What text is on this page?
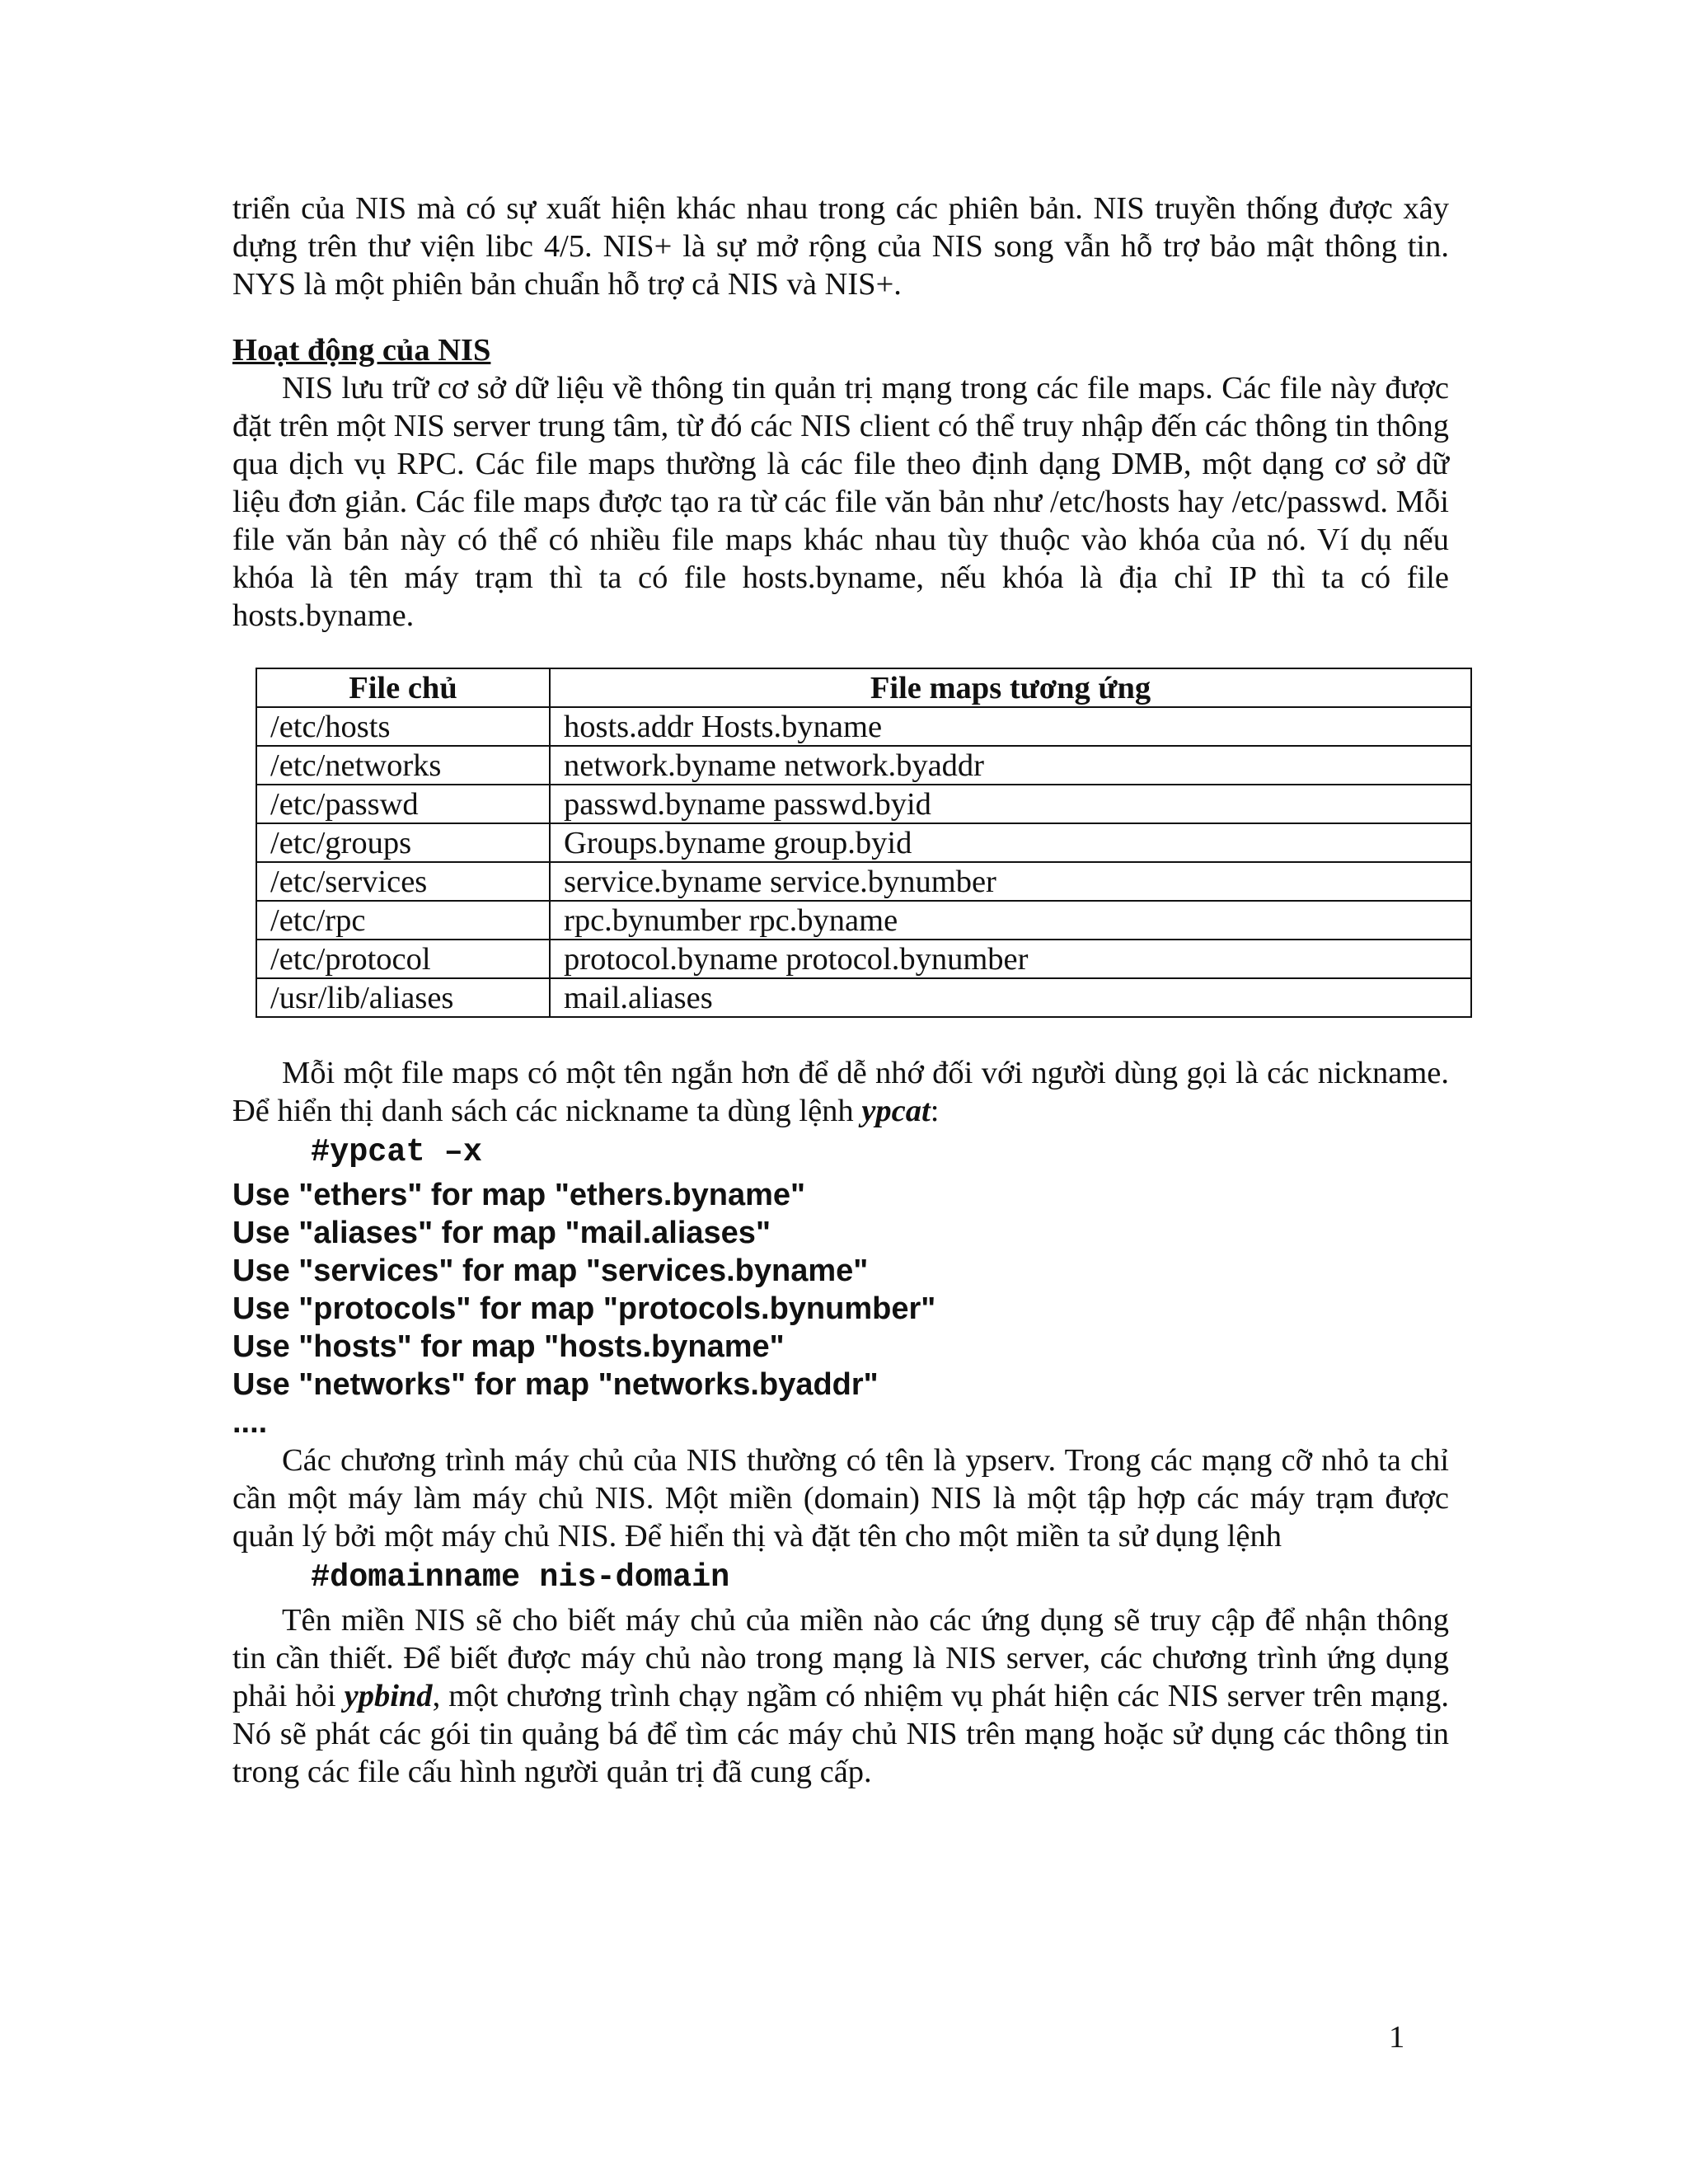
triển của NIS mà có sự xuất hiện khác nhau trong các phiên bản. NIS truyền thống được xây dựng trên thư viện libc 4/5. NIS+ là sự mở rộng của NIS song vẫn hỗ trợ bảo mật thông tin. NYS là một phiên bản chuẩn hỗ trợ cả NIS và NIS+.

Hoạt động của NIS

NIS lưu trữ cơ sở dữ liệu về thông tin quản trị mạng trong các file maps. Các file này được đặt trên một NIS server trung tâm, từ đó các NIS client có thể truy nhập đến các thông tin thông qua dịch vụ RPC. Các file maps thường là các file theo định dạng DMB, một dạng cơ sở dữ liệu đơn giản. Các file maps được tạo ra từ các file văn bản như /etc/hosts hay /etc/passwd. Mỗi file văn bản này có thể có nhiều file maps khác nhau tùy thuộc vào khóa của nó. Ví dụ nếu khóa là tên máy trạm thì ta có file hosts.byname, nếu khóa là địa chỉ IP thì ta có file hosts.byname.

File chủ	File maps tương ứng
/etc/hosts	hosts.addr Hosts.byname
/etc/networks	network.byname network.byaddr
/etc/passwd	passwd.byname passwd.byid
/etc/groups	Groups.byname group.byid
/etc/services	service.byname service.bynumber
/etc/rpc	rpc.bynumber rpc.byname
/etc/protocol	protocol.byname protocol.bynumber
/usr/lib/aliases	mail.aliases

Mỗi một file maps có một tên ngắn hơn để dễ nhớ đối với người dùng gọi là các nickname. Để hiển thị danh sách các nickname ta dùng lệnh ypcat:

#ypcat –x
Use "ethers" for map "ethers.byname"
Use "aliases" for map "mail.aliases"
Use "services" for map "services.byname"
Use "protocols" for map "protocols.bynumber"
Use "hosts" for map "hosts.byname"
Use "networks" for map "networks.byaddr"
....

Các chương trình máy chủ của NIS thường có tên là ypserv. Trong các mạng cỡ nhỏ ta chỉ cần một máy làm máy chủ NIS. Một miền (domain) NIS là một tập hợp các máy trạm được quản lý bởi một máy chủ NIS. Để hiển thị và đặt tên cho một miền ta sử dụng lệnh

#domainname nis-domain

Tên miền NIS sẽ cho biết máy chủ của miền nào các ứng dụng sẽ truy cập để nhận thông tin cần thiết. Để biết được máy chủ nào trong mạng là NIS server, các chương trình ứng dụng phải hỏi ypbind, một chương trình chạy ngầm có nhiệm vụ phát hiện các NIS server trên mạng. Nó sẽ phát các gói tin quảng bá để tìm các máy chủ NIS trên mạng hoặc sử dụng các thông tin trong các file cấu hình người quản trị đã cung cấp.

1
